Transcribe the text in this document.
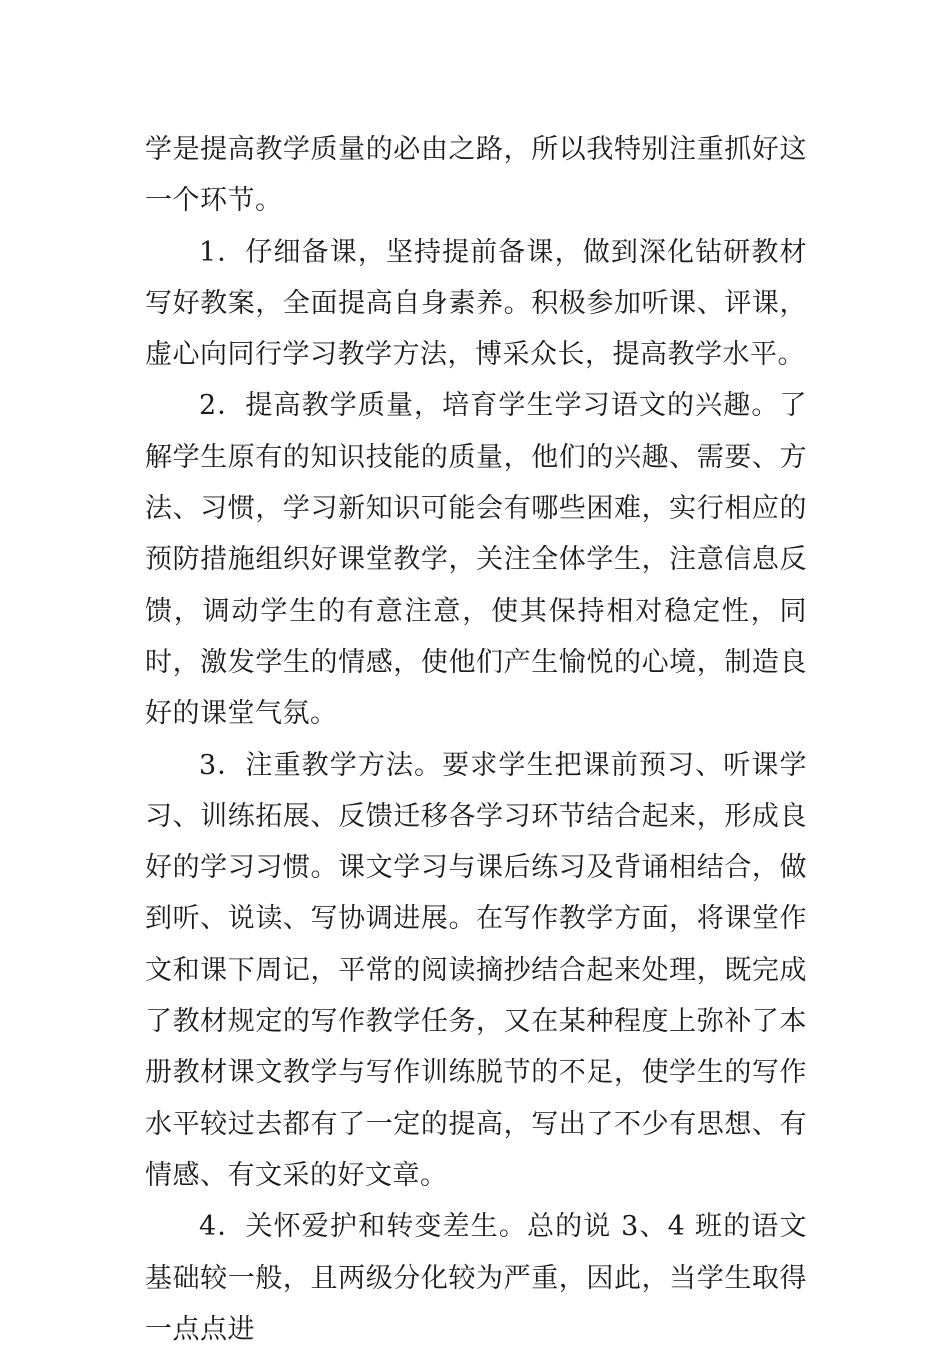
学是提高教学质量的必由之路，所以我特别注重抓好这一个环节。

1．仔细备课，坚持提前备课，做到深化钻研教材写好教案，全面提高自身素养。积极参加听课、评课，虚心向同行学习教学方法，博采众长，提高教学水平。

2．提高教学质量，培育学生学习语文的兴趣。了解学生原有的知识技能的质量，他们的兴趣、需要、方法、习惯，学习新知识可能会有哪些困难，实行相应的预防措施组织好课堂教学，关注全体学生，注意信息反馈，调动学生的有意注意，使其保持相对稳定性，同时，激发学生的情感，使他们产生愉悦的心境，制造良好的课堂气氛。

3．注重教学方法。要求学生把课前预习、听课学习、训练拓展、反馈迁移各学习环节结合起来，形成良好的学习习惯。课文学习与课后练习及背诵相结合，做到听、说读、写协调进展。在写作教学方面，将课堂作文和课下周记，平常的阅读摘抄结合起来处理，既完成了教材规定的写作教学任务，又在某种程度上弥补了本册教材课文教学与写作训练脱节的不足，使学生的写作水平较过去都有了一定的提高，写出了不少有思想、有情感、有文采的好文章。

4．关怀爱护和转变差生。总的说 3、4 班的语文基础较一般，且两级分化较为严重，因此，当学生取得一点点进
